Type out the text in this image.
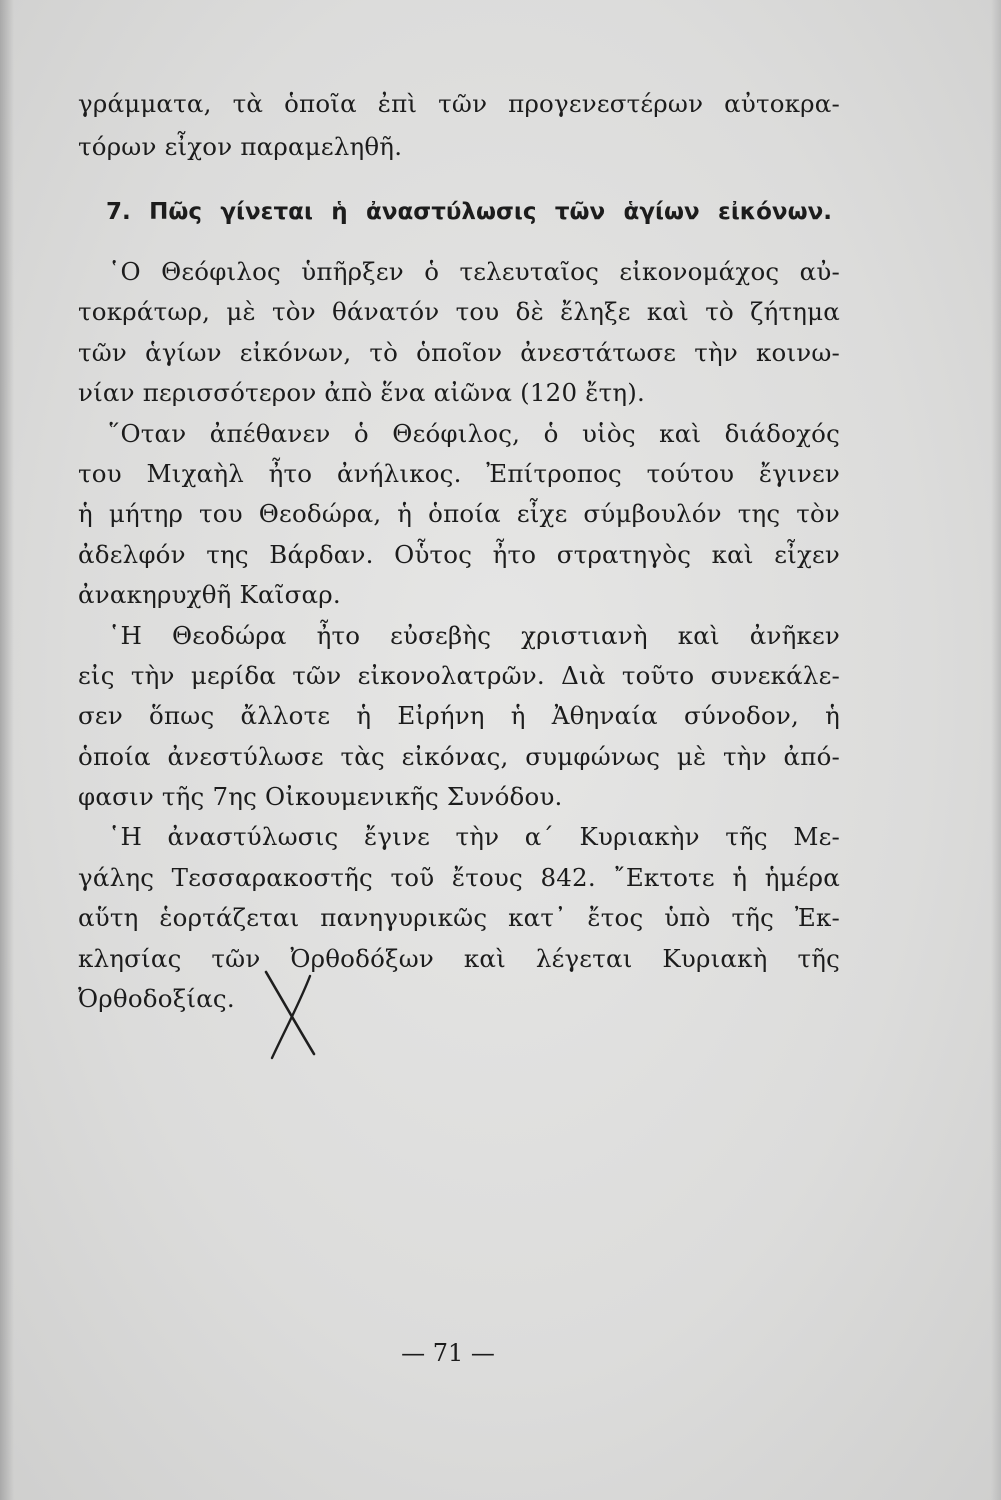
γράμματα, τὰ ὁποῖα ἐπὶ τῶν προγενεστέρων αὐτοκρα-
τόρων εἶχον παραμεληθῆ.
7. Πῶς γίνεται ἡ ἀναστύλωσις τῶν ἁγίων εἰκόνων.
῾Ο Θεόφιλος ὑπῆρξεν ὁ τελευταῖος εἰκονομάχος αὐ-
τοκράτωρ, μὲ τὸν θάνατόν του δὲ ἔληξε καὶ τὸ ζήτημα
τῶν ἁγίων εἰκόνων, τὸ ὁποῖον ἀνεστάτωσε τὴν κοινω-
νίαν περισσότερον ἀπὸ ἕνα αἰῶνα (120 ἔτη).
῞Οταν ἀπέθανεν ὁ Θεόφιλος, ὁ υἱὸς καὶ διάδοχός
του Μιχαὴλ ἦτο ἀνήλικος. Ἐπίτροπος τούτου ἔγινεν
ἡ μήτηρ του Θεοδώρα, ἡ ὁποία εἶχε σύμβουλόν της τὸν
ἀδελφόν της Βάρδαν. Οὗτος ἦτο στρατηγὸς καὶ εἶχεν
ἀνακηρυχθῆ Καῖσαρ.
῾Η Θεοδώρα ἦτο εὐσεβὴς χριστιανὴ καὶ ἀνῆκεν
εἰς τὴν μερίδα τῶν εἰκονολατρῶν. Διὰ τοῦτο συνεκάλε-
σεν ὅπως ἄλλοτε ἡ Εἰρήνη ἡ Ἀθηναία σύνοδον, ἡ
ὁποία ἀνεστύλωσε τὰς εἰκόνας, συμφώνως μὲ τὴν ἀπό-
φασιν τῆς 7ης Οἰκουμενικῆς Συνόδου.
῾Η ἀναστύλωσις ἔγινε τὴν α΄ Κυριακὴν τῆς Με-
γάλης Τεσσαρακοστῆς τοῦ ἔτους 842. ῎Εκτοτε ἡ ἡμέρα
αὕτη ἑορτάζεται πανηγυρικῶς κατ᾽ ἔτος ὑπὸ τῆς Ἐκ-
κλησίας τῶν Ὀρθοδόξων καὶ λέγεται Κυριακὴ τῆς
Ὀρθοδοξίας.
— 71 —
